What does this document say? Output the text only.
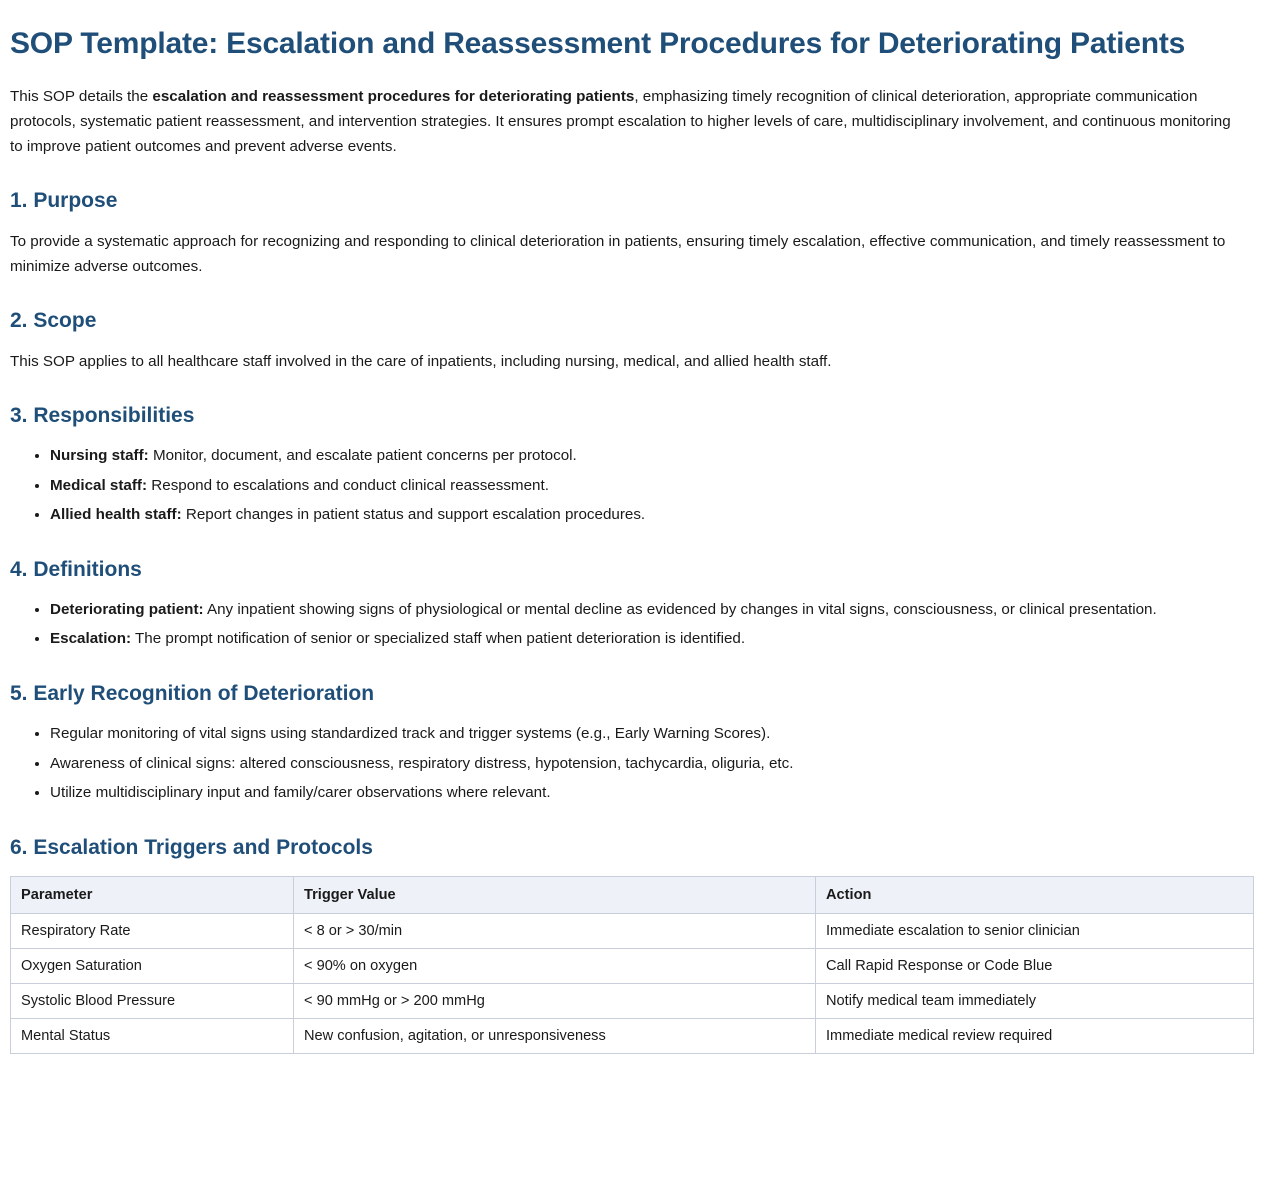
SOP Template: Escalation and Reassessment Procedures for Deteriorating Patients

This SOP details the escalation and reassessment procedures for deteriorating patients, emphasizing timely recognition of clinical deterioration, appropriate communication protocols, systematic patient reassessment, and intervention strategies. It ensures prompt escalation to higher levels of care, multidisciplinary involvement, and continuous monitoring to improve patient outcomes and prevent adverse events.

1. Purpose

To provide a systematic approach for recognizing and responding to clinical deterioration in patients, ensuring timely escalation, effective communication, and timely reassessment to minimize adverse outcomes.

2. Scope

This SOP applies to all healthcare staff involved in the care of inpatients, including nursing, medical, and allied health staff.

3. Responsibilities
• Nursing staff: Monitor, document, and escalate patient concerns per protocol.
• Medical staff: Respond to escalations and conduct clinical reassessment.
• Allied health staff: Report changes in patient status and support escalation procedures.
4. Definitions
• Deteriorating patient: Any inpatient showing signs of physiological or mental decline as evidenced by changes in vital signs, consciousness, or clinical presentation.
• Escalation: The prompt notification of senior or specialized staff when patient deterioration is identified.
5. Early Recognition of Deterioration
• Regular monitoring of vital signs using standardized track and trigger systems (e.g., Early Warning Scores).
• Awareness of clinical signs: altered consciousness, respiratory distress, hypotension, tachycardia, oliguria, etc.
• Utilize multidisciplinary input and family/carer observations where relevant.
6. Escalation Triggers and Protocols
Parameter	Trigger Value	Action
Respiratory Rate	< 8 or > 30/min	Immediate escalation to senior clinician
Oxygen Saturation	< 90% on oxygen	Call Rapid Response or Code Blue
Systolic Blood Pressure	< 90 mmHg or > 200 mmHg	Notify medical team immediately
Mental Status	New confusion, agitation, or unresponsiveness	Immediate medical review required
